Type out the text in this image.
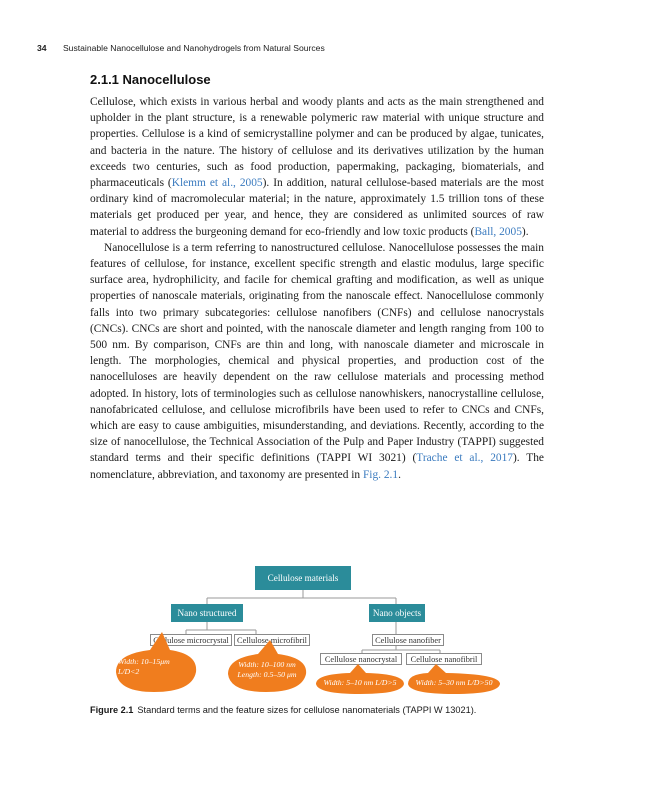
34 Sustainable Nanocellulose and Nanohydrogels from Natural Sources
2.1.1 Nanocellulose

Cellulose, which exists in various herbal and woody plants and acts as the main strengthened and upholder in the plant structure, is a renewable polymeric raw material with unique structure and properties. Cellulose is a kind of semicrystalline polymer and can be produced by algae, tunicates, and bacteria in the nature. The history of cellulose and its derivatives utilization by the human exceeds two centuries, such as food production, papermaking, packaging, biomaterials, and pharmaceuticals (Klemm et al., 2005). In addition, natural cellulose-based materials are the most ordinary kind of macromolecular material; in the nature, approximately 1.5 trillion tons of these materials get produced per year, and hence, they are considered as unlimited sources of raw material to address the burgeoning demand for eco-friendly and low toxic products (Ball, 2005).

Nanocellulose is a term referring to nanostructured cellulose. Nanocellulose possesses the main features of cellulose, for instance, excellent specific strength and elastic modulus, large specific surface area, hydrophilicity, and facile for chemical grafting and modification, as well as unique properties of nanoscale materials, originating from the nanoscale effect. Nanocellulose commonly falls into two primary subcategories: cellulose nanofibers (CNFs) and cellulose nanocrystals (CNCs). CNCs are short and pointed, with the nanoscale diameter and length ranging from 100 to 500 nm. By comparison, CNFs are thin and long, with nanoscale diameter and microscale in length. The morphologies, chemical and physical properties, and production cost of the nanocelluloses are heavily dependent on the raw cellulose materials and processing method adopted. In history, lots of terminologies such as cellulose nanowhiskers, nanocrystalline cellulose, nanofabricated cellulose, and cellulose microfibrils have been used to refer to CNCs and CNFs, which are easy to cause ambiguities, misunderstanding, and deviations. Recently, according to the size of nanocellulose, the Technical Association of the Pulp and Paper Industry (TAPPI) suggested standard terms and their specific definitions (TAPPI WI 3021) (Trache et al., 2017). The nomenclature, abbreviation, and taxonomy are presented in Fig. 2.1.

Cellulose materials
Nano structured	Nano objects
Cellulose microcrystal Cellulose microfibril	Cellulose nanofiber
Cellulose nanocrystal	Cellulose nanofibril
Width: 10–15μm
L/D<2
Width: 10–100 nm
Length: 0.5–50 μm
Width: 5–10 nm L/D>5	Width: 5–30 nm L/D>50
Figure 2.1 Standard terms and the feature sizes for cellulose nanomaterials (TAPPI W 13021).
